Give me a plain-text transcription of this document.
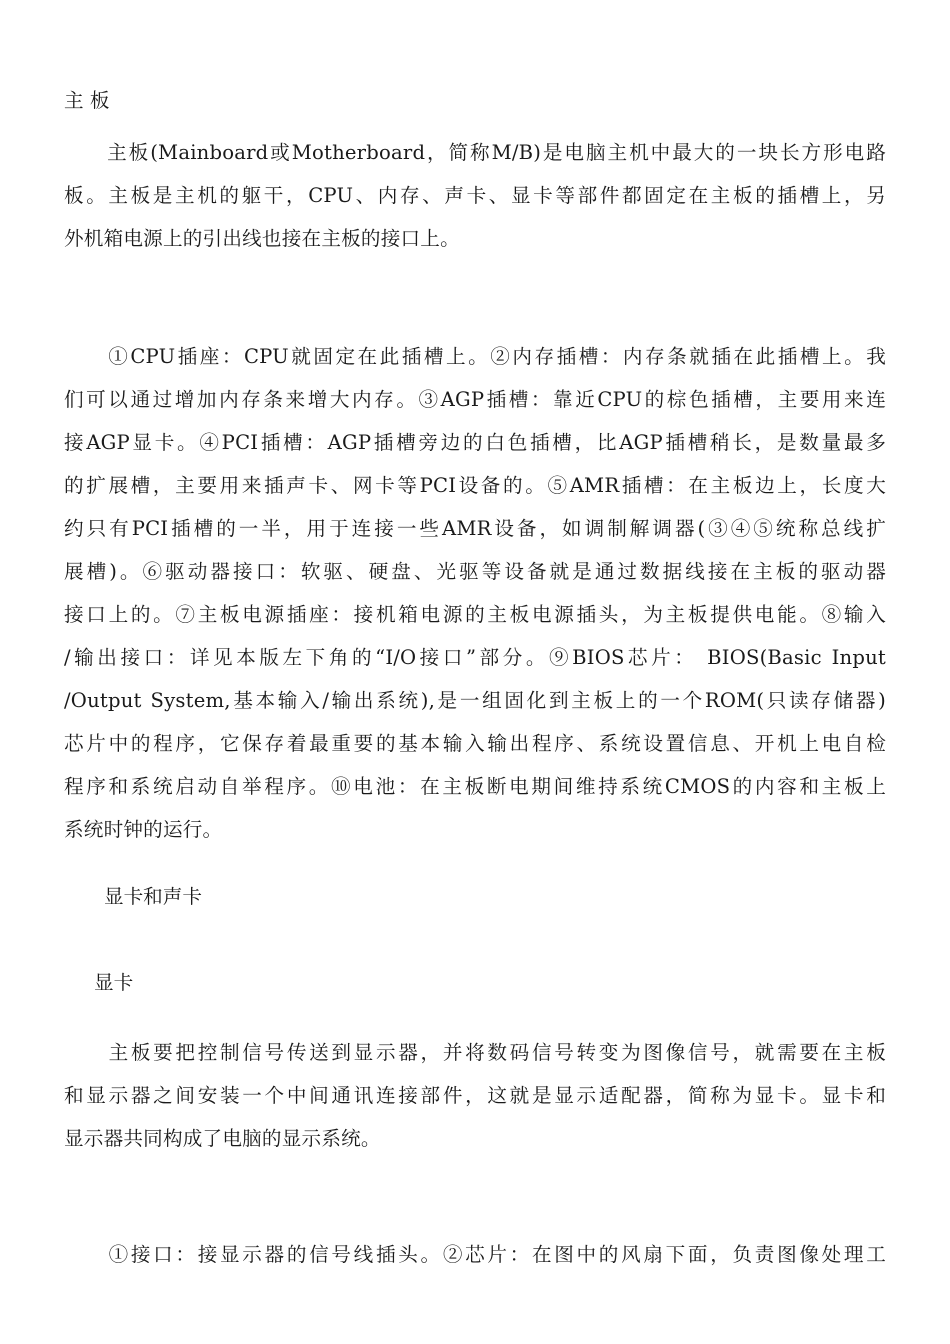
主 板
　　主板(Mainboard或Motherboard，简称M/B)是电脑主机中最大的一块长方形电路
板。主板是主机的躯干，CPU、内存、声卡、显卡等部件都固定在主板的插槽上，另
外机箱电源上的引出线也接在主板的接口上。
　　①CPU插座：CPU就固定在此插槽上。②内存插槽：内存条就插在此插槽上。我
们可以通过增加内存条来增大内存。③AGP插槽：靠近CPU的棕色插槽，主要用来连
接AGP显卡。④PCI插槽：AGP插槽旁边的白色插槽，比AGP插槽稍长，是数量最多
的扩展槽，主要用来插声卡、网卡等PCI设备的。⑤AMR插槽：在主板边上，长度大
约只有PCI插槽的一半，用于连接一些AMR设备，如调制解调器(③④⑤统称总线扩
展槽)。⑥驱动器接口：软驱、硬盘、光驱等设备就是通过数据线接在主板的驱动器
接口上的。⑦主板电源插座：接机箱电源的主板电源插头，为主板提供电能。⑧输入
/输出接口：详见本版左下角的“I/O接口”部分。⑨BIOS芯片： BIOS(Basic Input
/Output System,基本输入/输出系统),是一组固化到主板上的一个ROM(只读存储器)
芯片中的程序，它保存着最重要的基本输入输出程序、系统设置信息、开机上电自检
程序和系统启动自举程序。⑩电池：在主板断电期间维持系统CMOS的内容和主板上
系统时钟的运行。
显卡和声卡
显卡
　　主板要把控制信号传送到显示器，并将数码信号转变为图像信号，就需要在主板
和显示器之间安装一个中间通讯连接部件，这就是显示适配器，简称为显卡。显卡和
显示器共同构成了电脑的显示系统。
　　①接口：接显示器的信号线插头。②芯片：在图中的风扇下面，负责图像处理工
